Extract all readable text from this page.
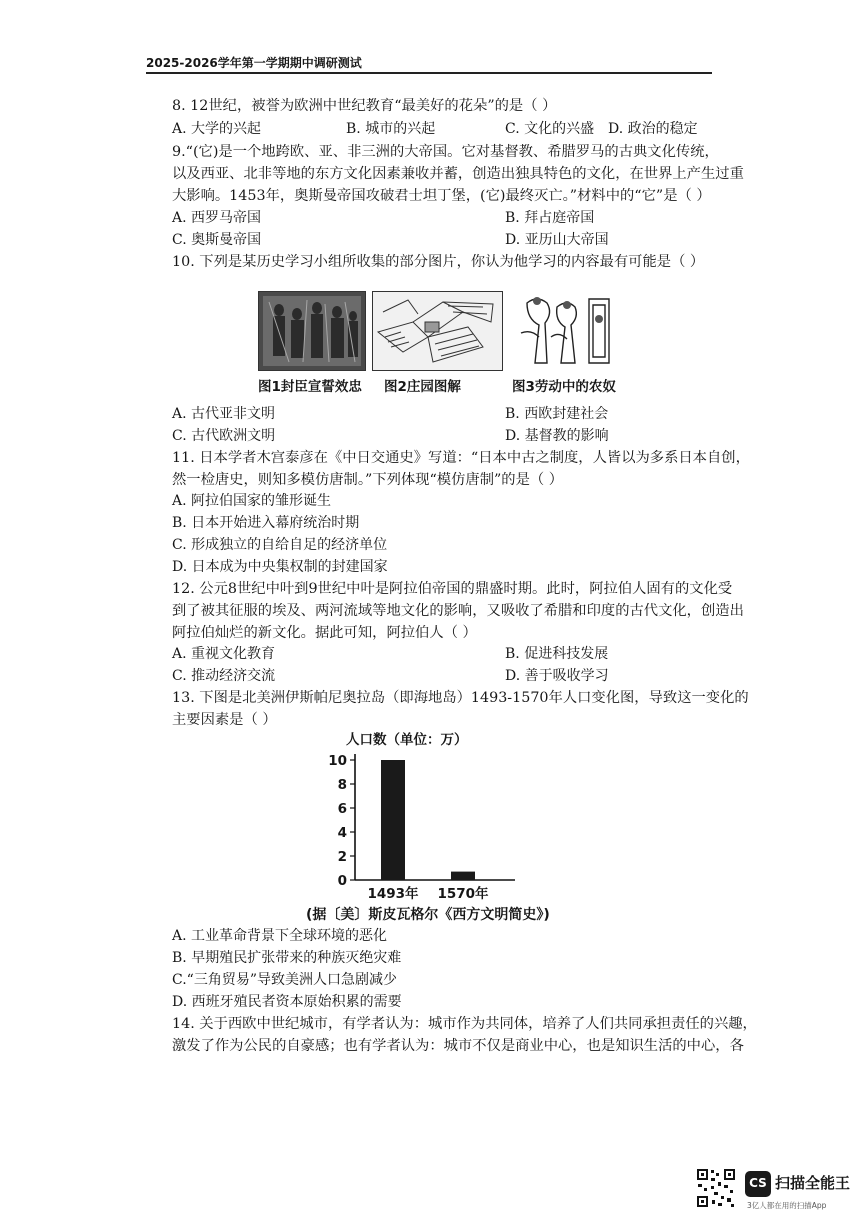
2025-2026学年第一学期期中调研测试
8. 12世纪，被誉为欧洲中世纪教育“最美好的花朵”的是（ ）
A. 大学的兴起	B. 城市的兴起	C. 文化的兴盛 D. 政治的稳定
9.“(它)是一个地跨欧、亚、非三洲的大帝国。它对基督教、希腊罗马的古典文化传统，
以及西亚、北非等地的东方文化因素兼收并蓄，创造出独具特色的文化，在世界上产生过重
大影响。1453年，奥斯曼帝国攻破君士坦丁堡，(它)最终灭亡。”材料中的“它”是（ ）
A. 西罗马帝国	B. 拜占庭帝国
C. 奥斯曼帝国	D. 亚历山大帝国
10. 下列是某历史学习小组所收集的部分图片，你认为他学习的内容最有可能是（ ）
图1封臣宣誓效忠 图2庄园图解	图3劳动中的农奴
A. 古代亚非文明	B. 西欧封建社会
C. 古代欧洲文明	D. 基督教的影响
11. 日本学者木宫泰彦在《中日交通史》写道：“日本中古之制度，人皆以为多系日本自创，
然一检唐史，则知多模仿唐制。”下列体现“模仿唐制”的是（ ）
A. 阿拉伯国家的雏形诞生
B. 日本开始进入幕府统治时期
C. 形成独立的自给自足的经济单位
D. 日本成为中央集权制的封建国家
12. 公元8世纪中叶到9世纪中叶是阿拉伯帝国的鼎盛时期。此时，阿拉伯人固有的文化受
到了被其征服的埃及、两河流域等地文化的影响，又吸收了希腊和印度的古代文化，创造出
阿拉伯灿烂的新文化。据此可知，阿拉伯人（ ）
A. 重视文化教育	B. 促进科技发展
C. 推动经济交流	D. 善于吸收学习
13. 下图是北美洲伊斯帕尼奥拉岛（即海地岛）1493-1570年人口变化图，导致这一变化的
主要因素是（ ）
人口数（单位：万）
0
2
4
6
8
10
1493年 1570年
(据〔美〕斯皮瓦格尔《西方文明简史》)
A. 工业革命背景下全球环境的恶化
B. 早期殖民扩张带来的种族灭绝灾难
C.“三角贸易”导致美洲人口急剧减少
D. 西班牙殖民者资本原始积累的需要
14. 关于西欧中世纪城市，有学者认为：城市作为共同体，培养了人们共同承担责任的兴趣，
激发了作为公民的自豪感；也有学者认为：城市不仅是商业中心，也是知识生活的中心，各
CS 扫描全能王
3亿人都在用的扫描App
